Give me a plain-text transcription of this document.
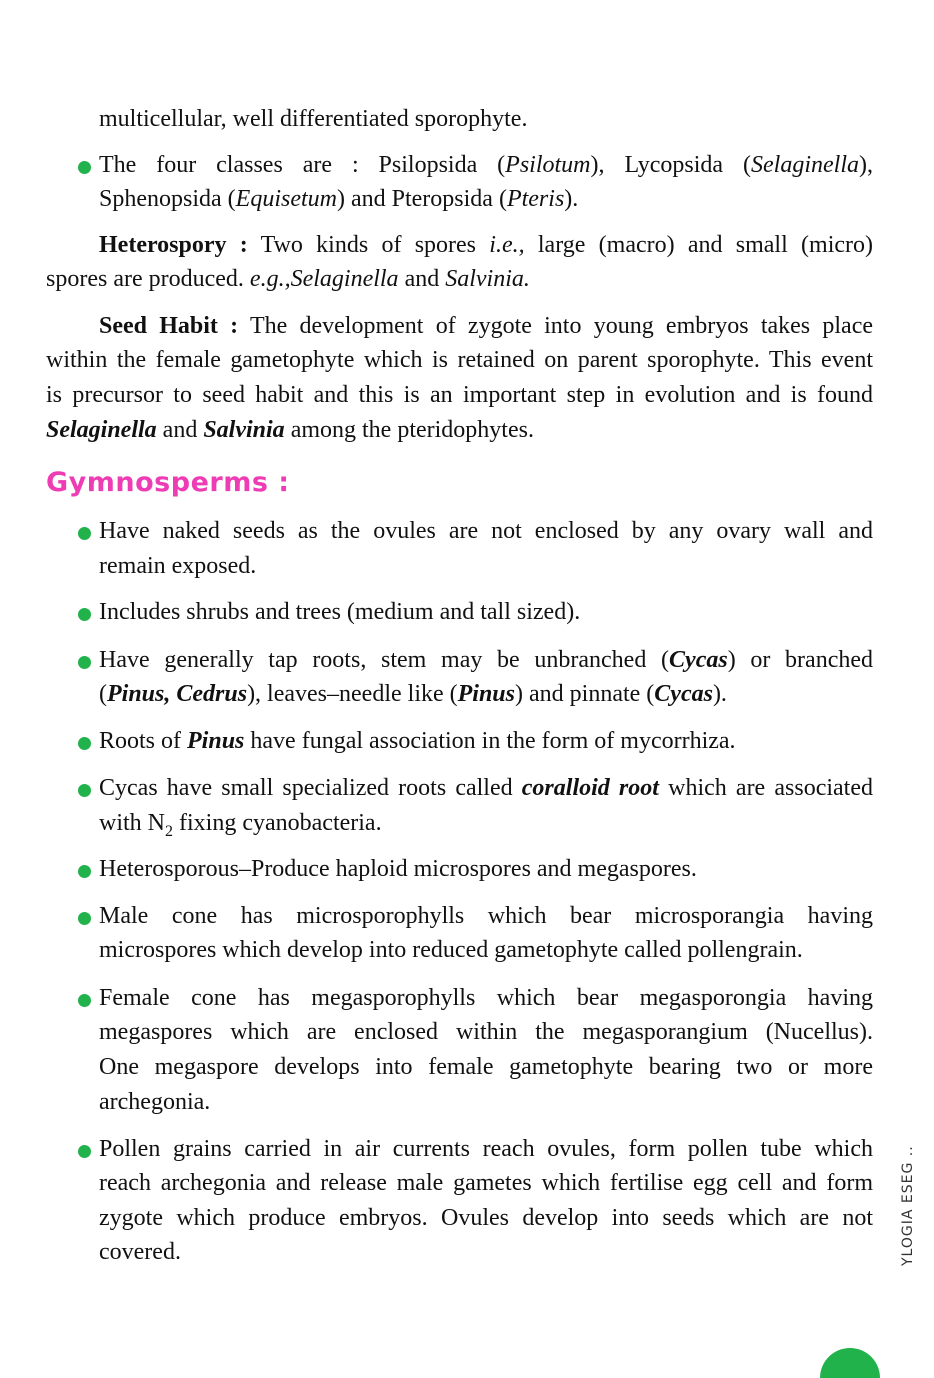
multicellular, well differentiated sporophyte.
The four classes are : Psilopsida (Psilotum), Lycopsida (Selaginella),
Sphenopsida (Equisetum) and Pteropsida (Pteris).
Heterospory : Two kinds of spores i.e., large (macro) and small (micro)
spores are produced. e.g.,Selaginella and Salvinia.
Seed Habit : The development of zygote into young embryos takes place
within the female gametophyte which is retained on parent sporophyte. This event
is precursor to seed habit and this is an important step in evolution and is found
Selaginella and Salvinia among the pteridophytes.
Gymnosperms :
Have naked seeds as the ovules are not enclosed by any ovary wall and
remain exposed.
Includes shrubs and trees (medium and tall sized).
Have generally tap roots, stem may be unbranched (Cycas) or branched
(Pinus, Cedrus), leaves–needle like (Pinus) and pinnate (Cycas).
Roots of Pinus have fungal association in the form of mycorrhiza.
Cycas have small specialized roots called coralloid root which are associated
with $N_2$ fixing cyanobacteria.
Heterosporous–Produce haploid microspores and megaspores.
Male cone has microsporophylls which bear microsporangia having
microspores which develop into reduced gametophyte called pollengrain.
Female cone has megasporophylls which bear megasporongia having
megaspores which are enclosed within the megasporangium (Nucellus).
One megaspore develops into female gametophyte bearing two or more
archegonia.
Pollen grains carried in air currents reach ovules, form pollen tube which
reach archegonia and release male gametes which fertilise egg cell and form
zygote which produce embryos. Ovules develop into seeds which are not
covered.	YLOGIA ESEG ..
